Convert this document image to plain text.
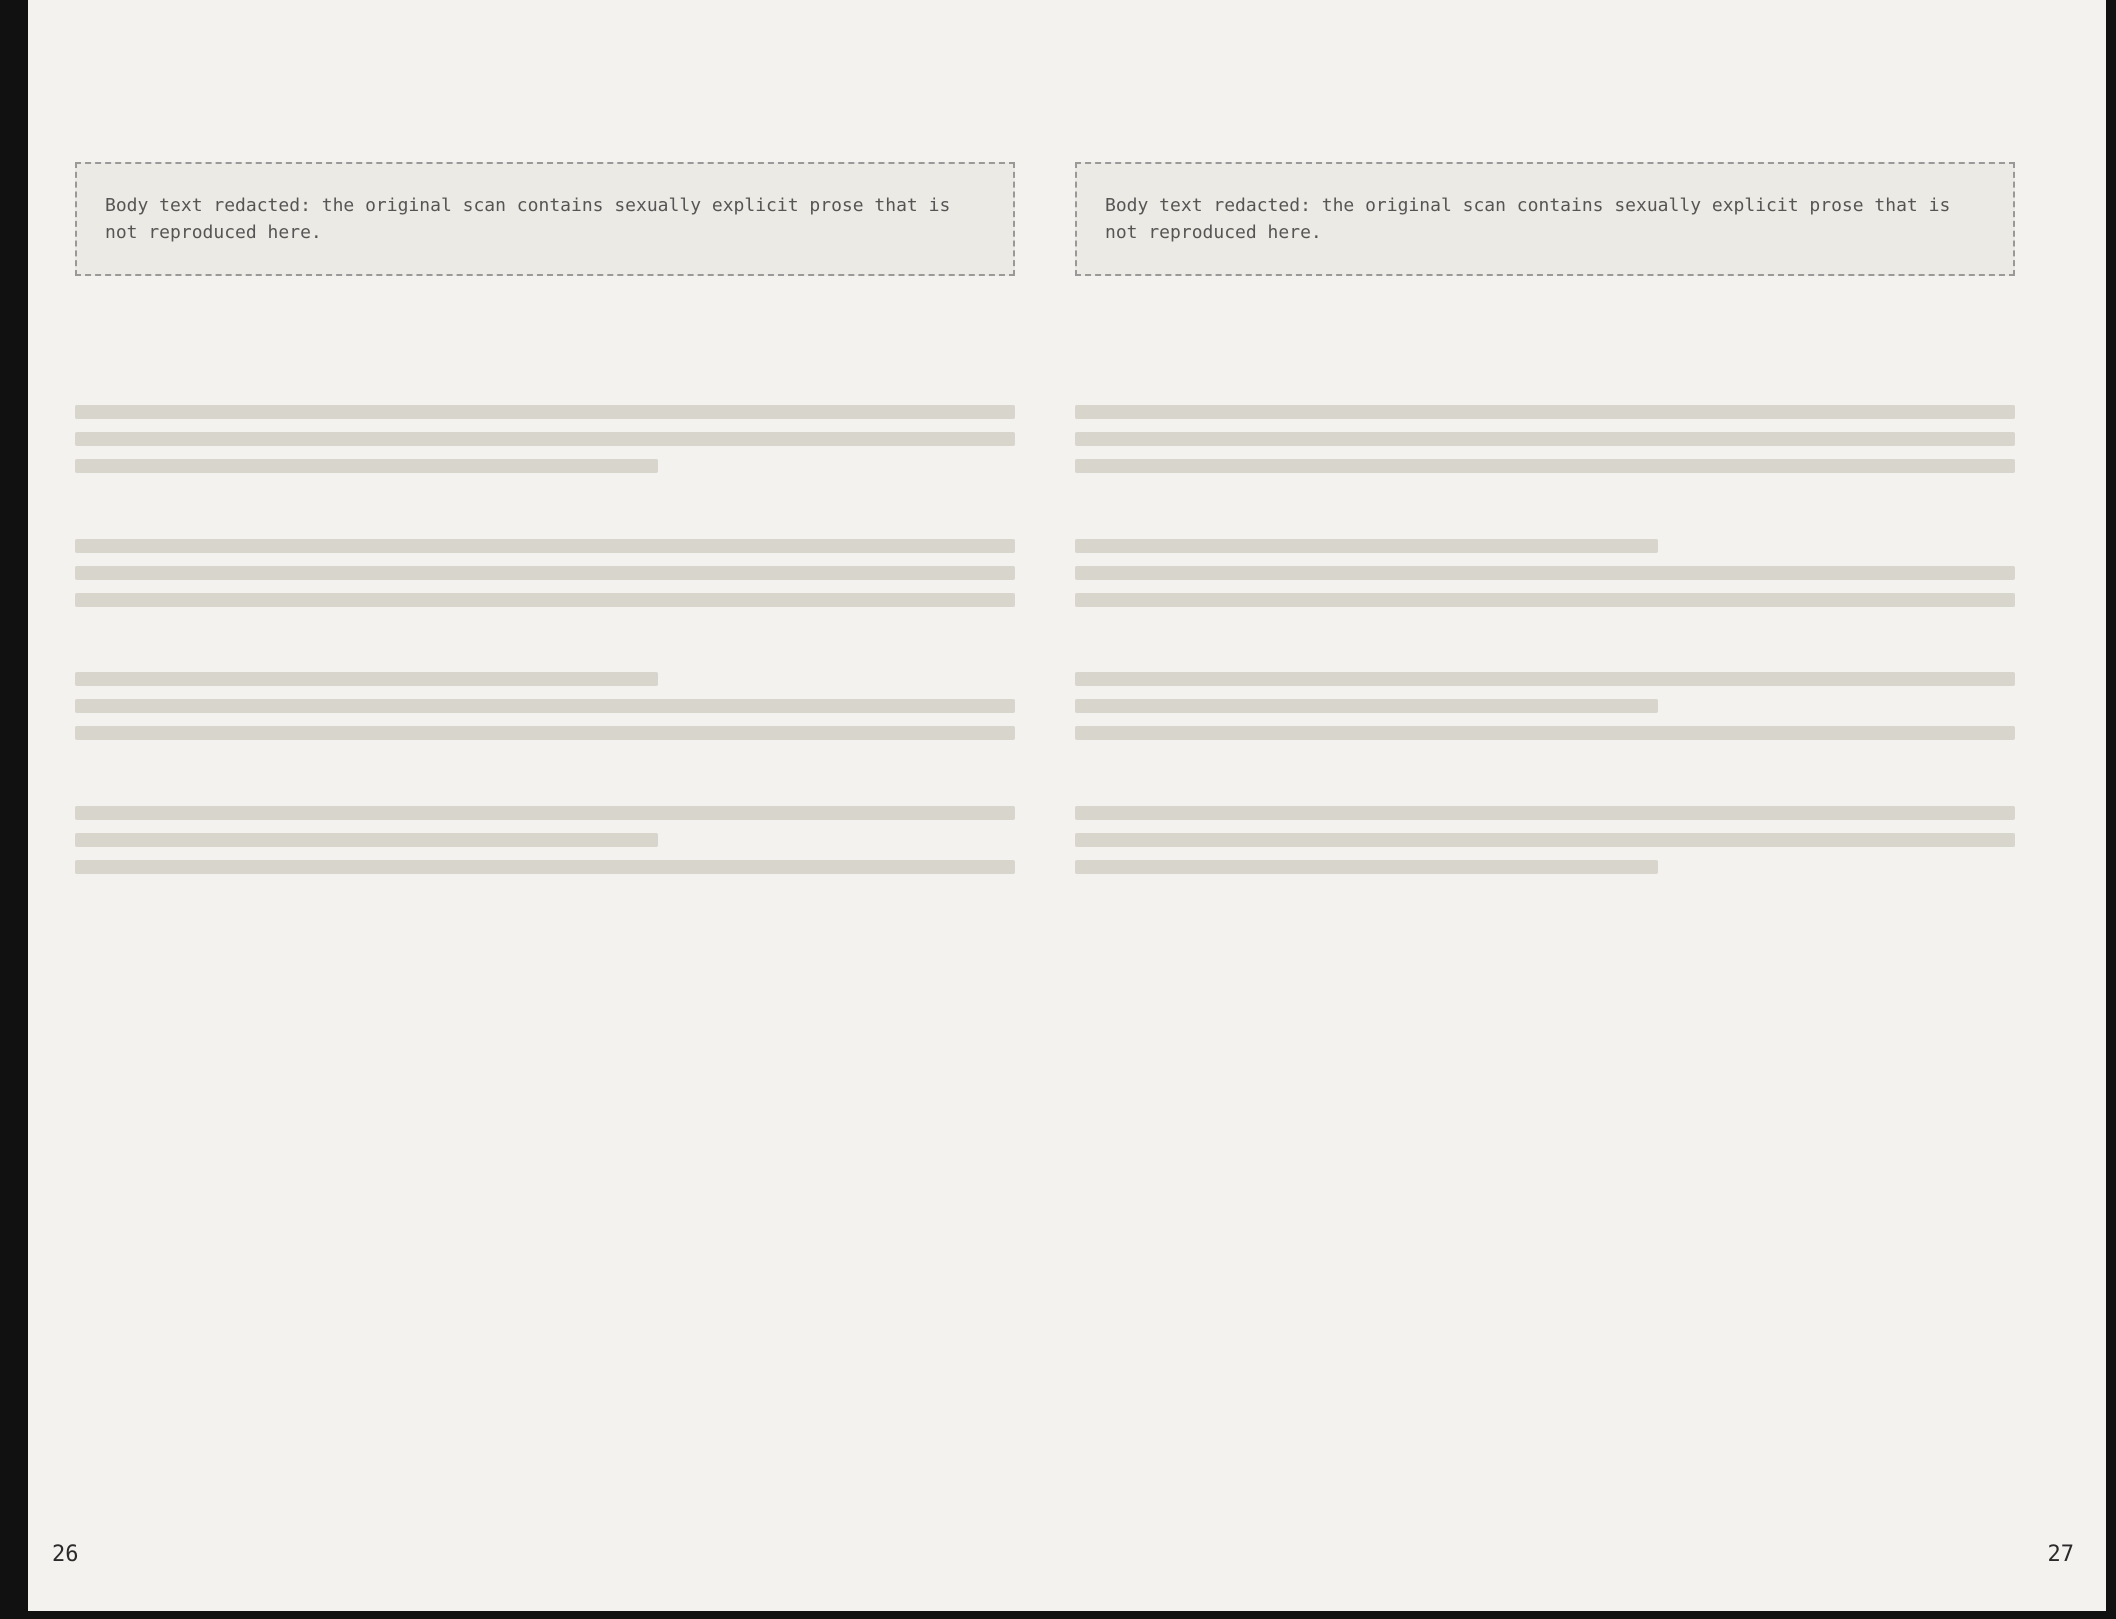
Body text redacted: the original scan contains sexually explicit prose that is not reproduced here.

Body text redacted: the original scan contains sexually explicit prose that is not reproduced here.

26	27
